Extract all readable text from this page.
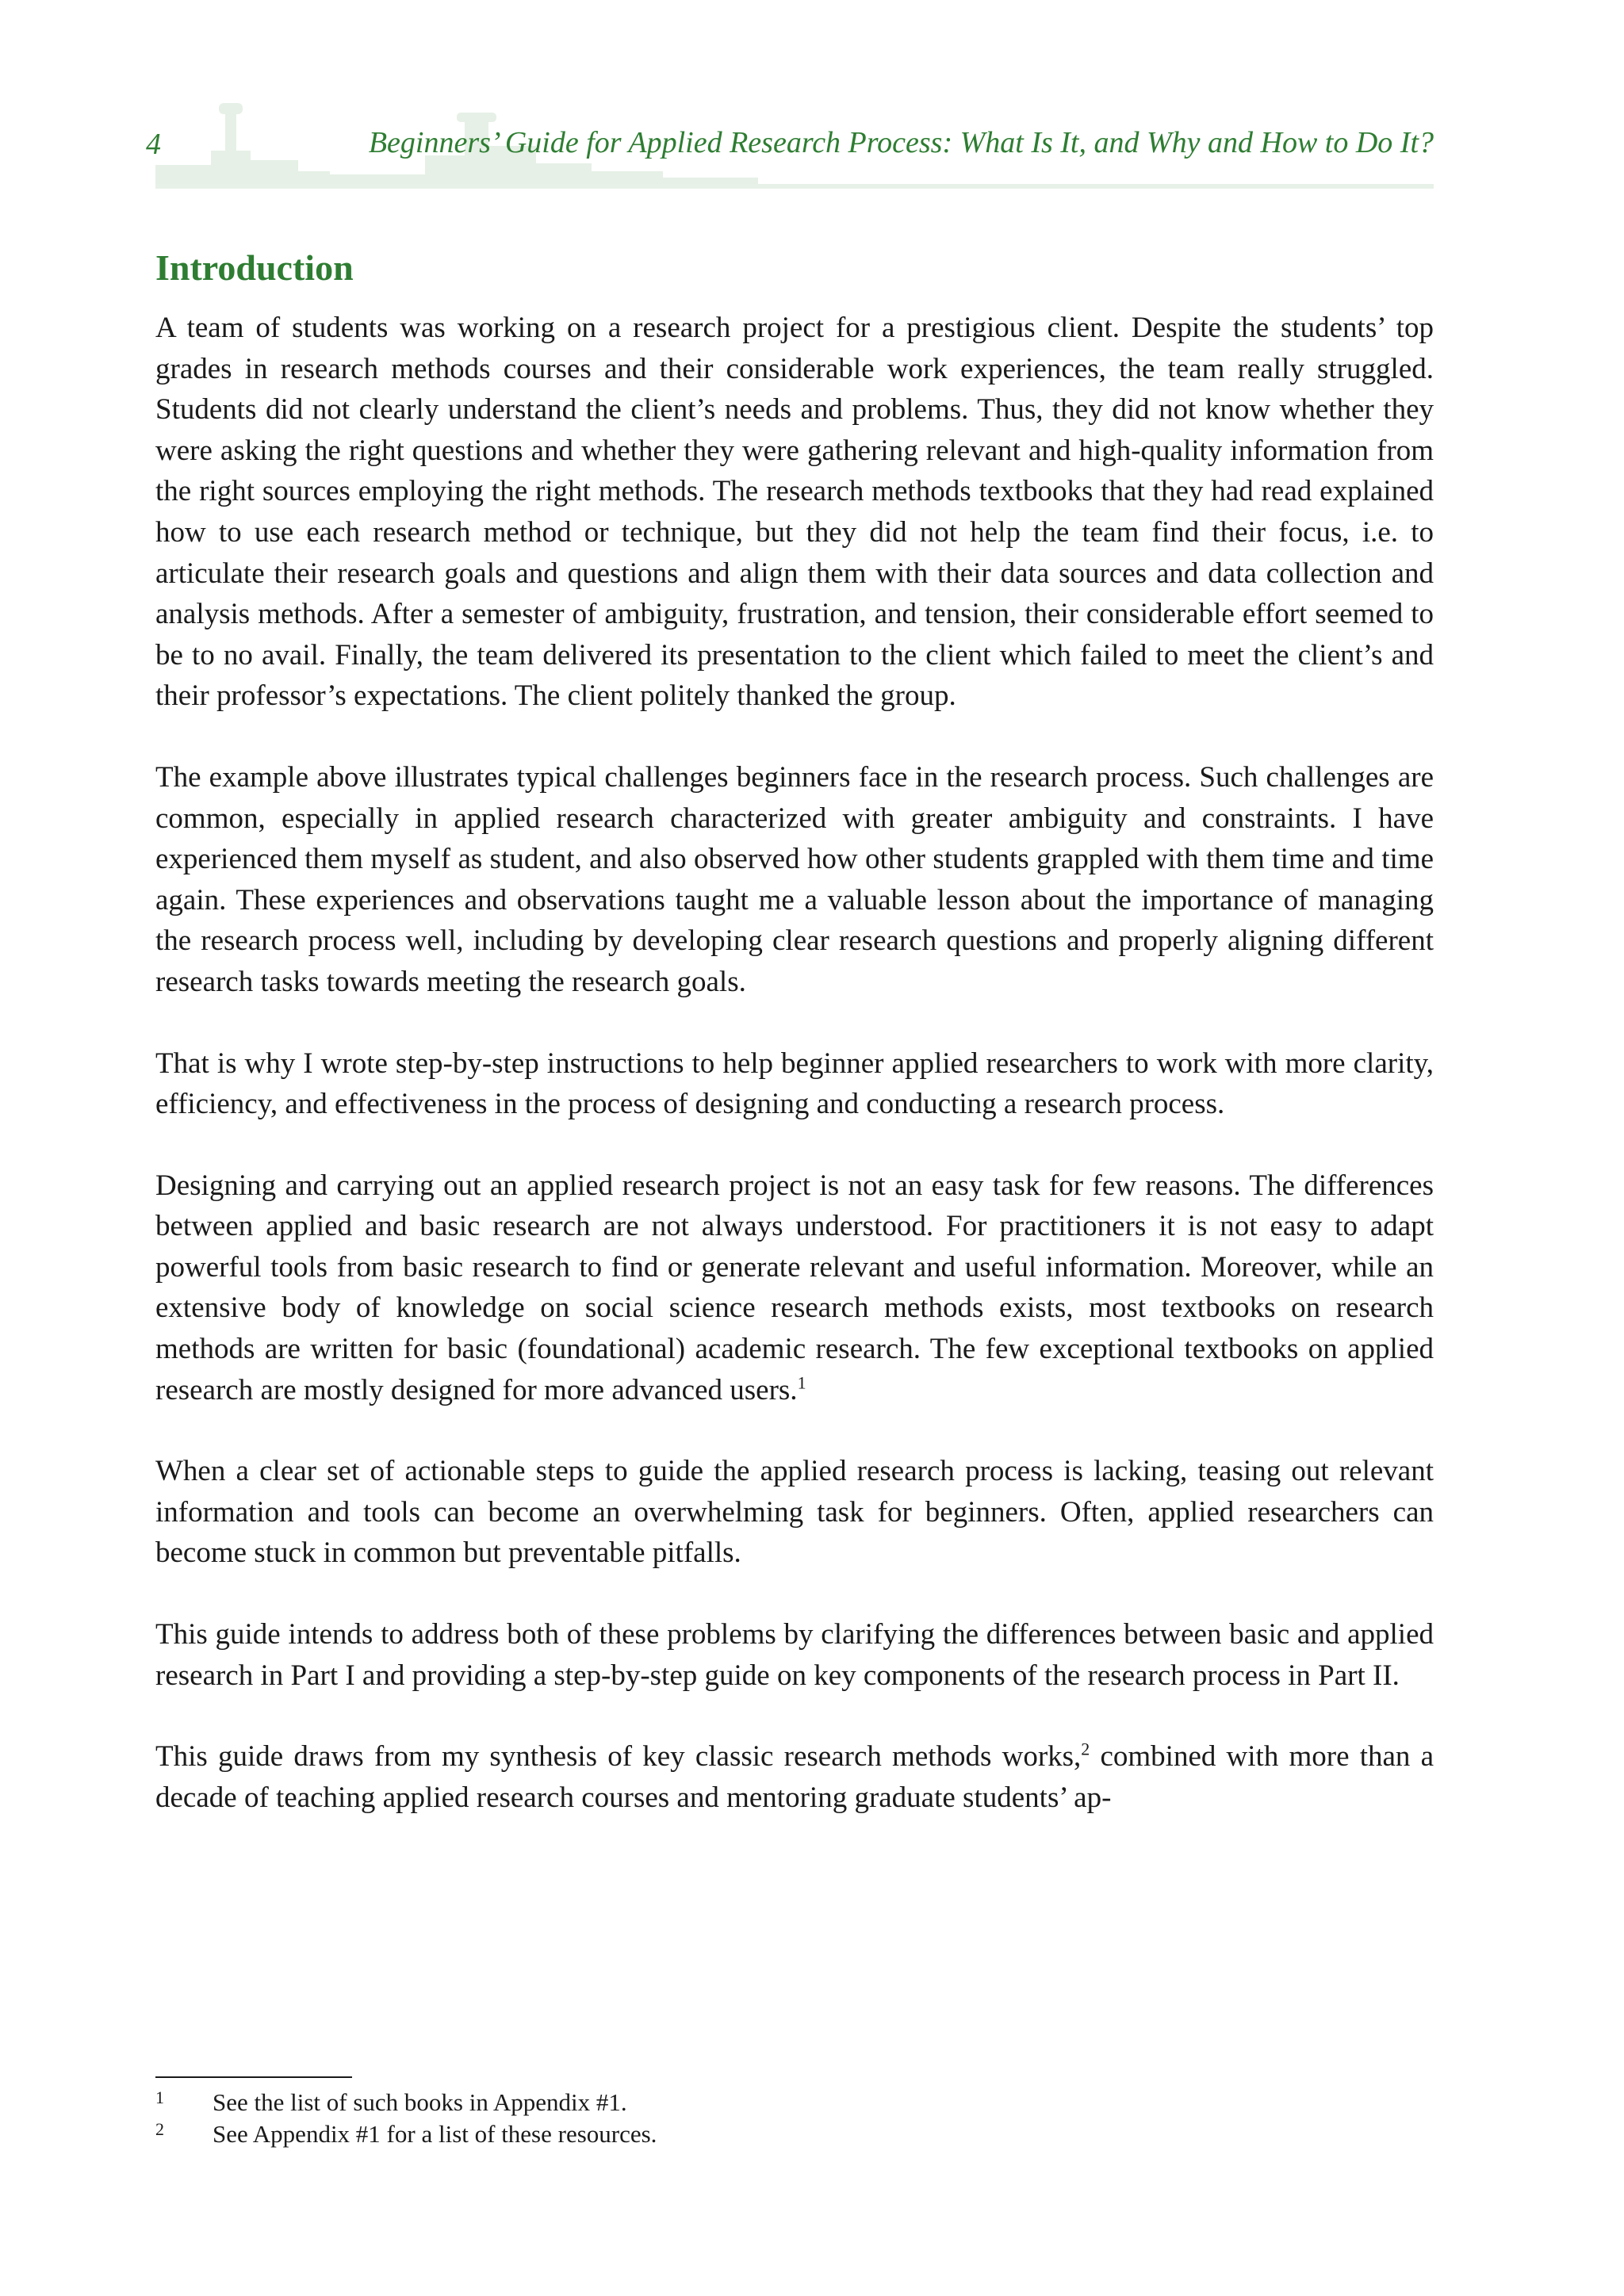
4	Beginners’ Guide for Applied Research Process: What Is It, and Why and How to Do It?
Introduction

A team of students was working on a research project for a prestigious client. Despite the students’ top grades in research methods courses and their considerable work experiences, the team really struggled. Students did not clearly understand the client’s needs and problems. Thus, they did not know whether they were asking the right questions and whether they were gathering relevant and high-quality information from the right sources employing the right methods. The research methods textbooks that they had read explained how to use each research method or technique, but they did not help the team find their focus, i.e. to articulate their research goals and questions and align them with their data sources and data collection and analysis methods. After a semester of ambiguity, frustration, and tension, their considerable effort seemed to be to no avail. Finally, the team delivered its presentation to the client which failed to meet the client’s and their professor’s expectations. The client politely thanked the group.

The example above illustrates typical challenges beginners face in the research process. Such challenges are common, especially in applied research characterized with greater ambiguity and constraints. I have experienced them myself as student, and also observed how other students grappled with them time and time again. These experiences and observations taught me a valuable lesson about the importance of managing the research process well, including by developing clear research questions and properly aligning different research tasks towards meeting the research goals.

That is why I wrote step-by-step instructions to help beginner applied researchers to work with more clarity, efficiency, and effectiveness in the process of designing and conducting a research process.

Designing and carrying out an applied research project is not an easy task for few reasons. The differences between applied and basic research are not always understood. For practitioners it is not easy to adapt powerful tools from basic research to find or generate relevant and useful information. Moreover, while an extensive body of knowledge on social science research methods exists, most textbooks on research methods are written for basic (foundational) academic research. The few exceptional textbooks on applied research are mostly designed for more advanced users.$^1$

When a clear set of actionable steps to guide the applied research process is lacking, teasing out relevant information and tools can become an overwhelming task for beginners. Often, applied researchers can become stuck in common but preventable pitfalls.

This guide intends to address both of these problems by clarifying the differences between basic and applied research in Part I and providing a step-by-step guide on key components of the research process in Part II.

This guide draws from my synthesis of key classic research methods works,$^2$ combined with more than a decade of teaching applied research courses and mentoring graduate students’ ap-

1 See the list of such books in Appendix #1.
2 See Appendix #1 for a list of these resources.
